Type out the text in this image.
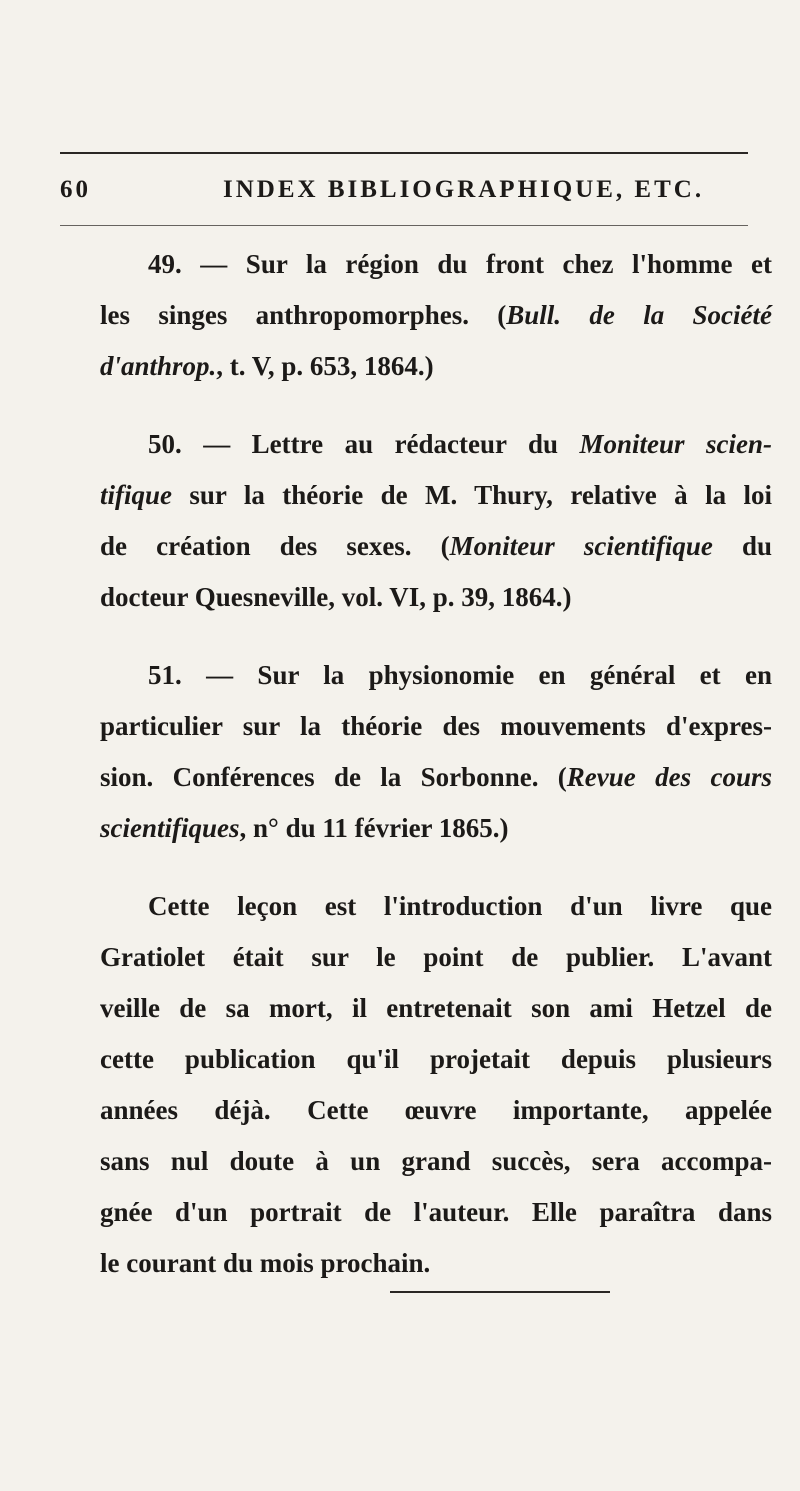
60	INDEX BIBLIOGRAPHIQUE, ETC.

49. — Sur la région du front chez l'homme et
les singes anthropomorphes. (Bull. de la Société
d'anthrop., t. V, p. 653, 1864.)

50. — Lettre au rédacteur du Moniteur scien-
tifique sur la théorie de M. Thury, relative à la loi
de création des sexes. (Moniteur scientifique du
docteur Quesneville, vol. VI, p. 39, 1864.)

51. — Sur la physionomie en général et en
particulier sur la théorie des mouvements d'expres-
sion. Conférences de la Sorbonne. (Revue des cours
scientifiques, n° du 11 février 1865.)

Cette leçon est l'introduction d'un livre que
Gratiolet était sur le point de publier. L'avant
veille de sa mort, il entretenait son ami Hetzel de
cette publication qu'il projetait depuis plusieurs
années déjà. Cette œuvre importante, appelée
sans nul doute à un grand succès, sera accompa-
gnée d'un portrait de l'auteur. Elle paraîtra dans
le courant du mois prochain.
